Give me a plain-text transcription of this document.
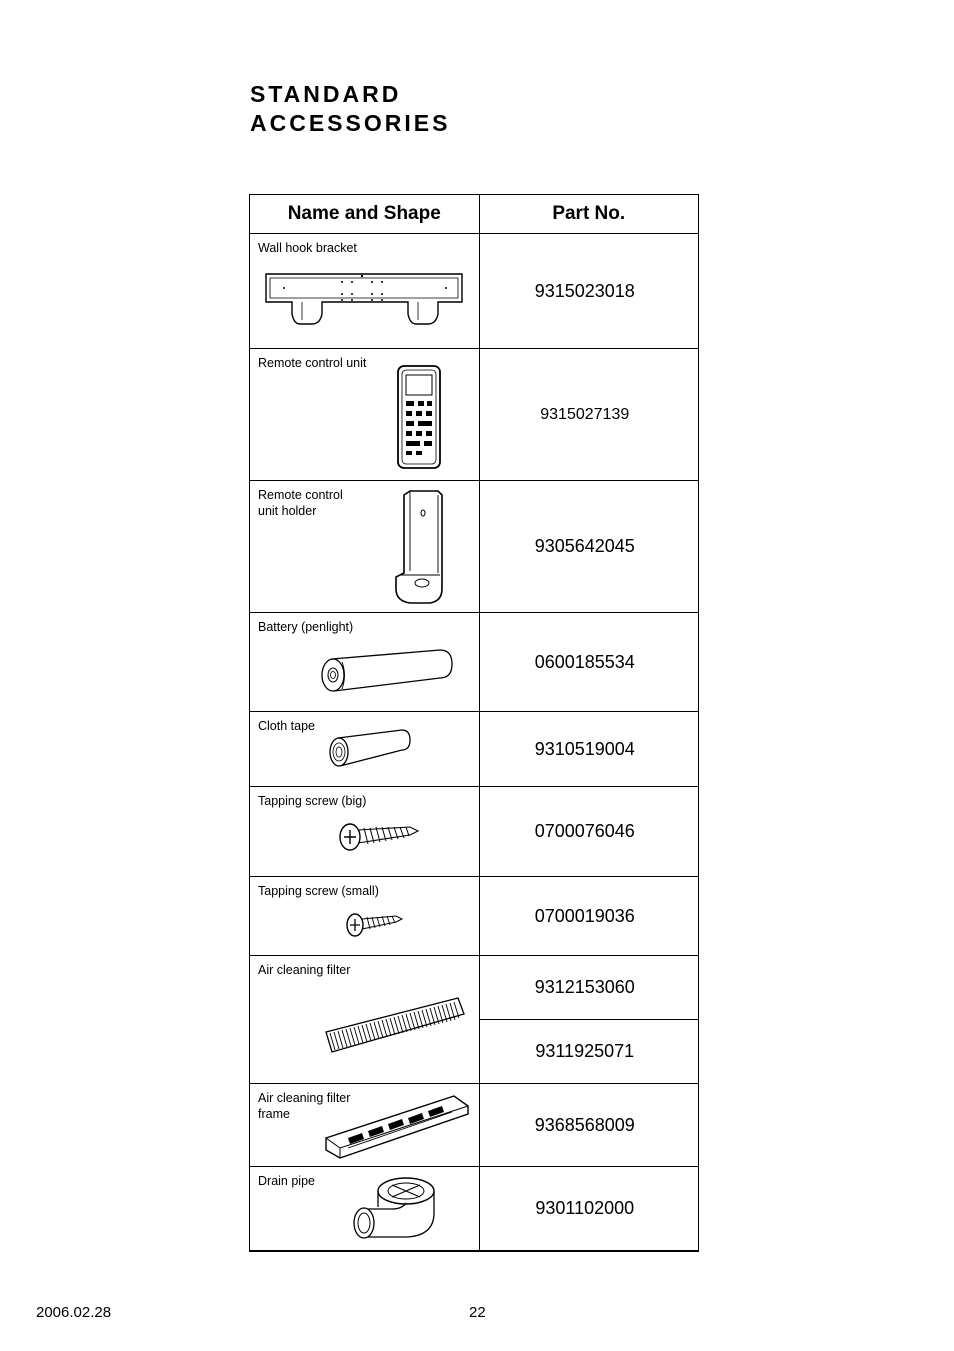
STANDARD
ACCESSORIES
Name and Shape	Part No.

Wall hook bracket	9315023018

Remote control unit	9315027139

Remote control
unit holder	9305642045

Battery (penlight)	0600185534

Cloth tape	9310519004

Tapping screw (big)	0700076046

Tapping screw (small)	0700019036

Air cleaning filter	9312153060
	9311925071

Air cleaning filter
frame	9368568009

Drain pipe	9301102000
2006.02.28	22
